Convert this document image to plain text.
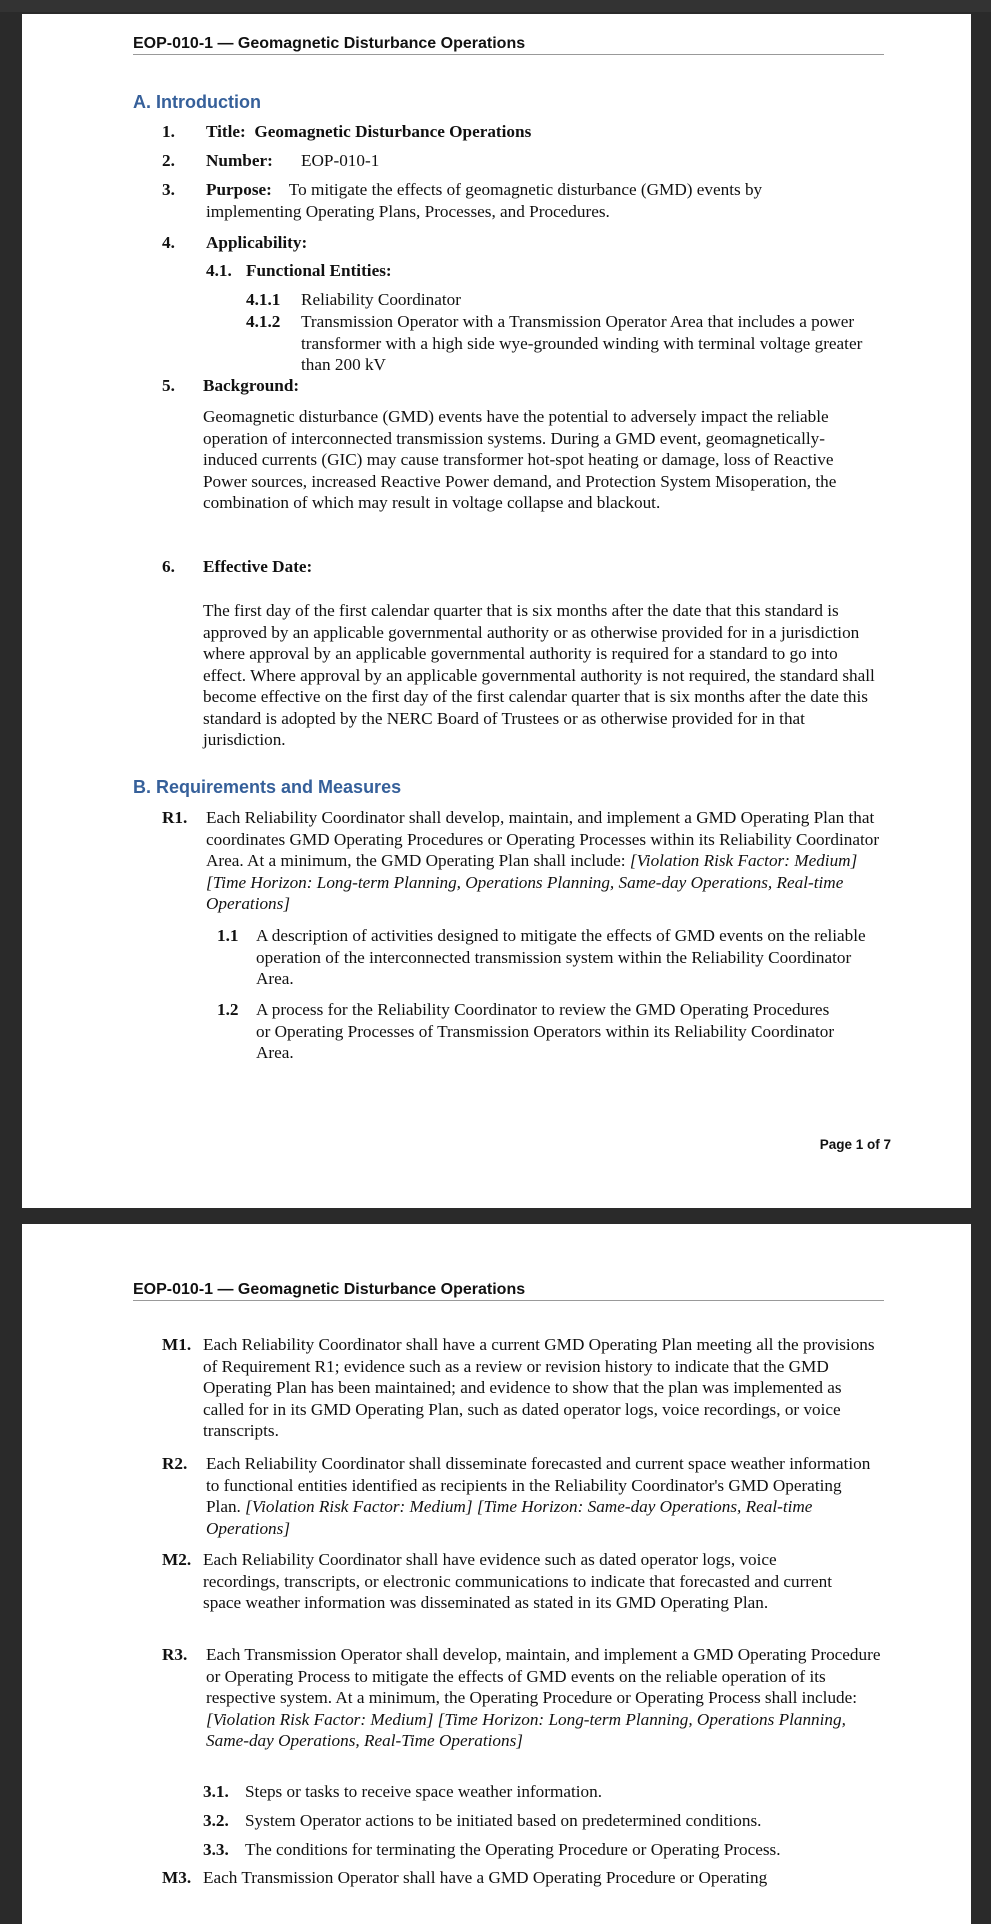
EOP-010-1 — Geomagnetic Disturbance Operations
A. Introduction
1. Title: Geomagnetic Disturbance Operations
2. Number: EOP-010-1
3. Purpose: To mitigate the effects of geomagnetic disturbance (GMD) events by implementing Operating Plans, Processes, and Procedures.
4. Applicability:
4.1. Functional Entities:
4.1.1 Reliability Coordinator
4.1.2 Transmission Operator with a Transmission Operator Area that includes a power transformer with a high side wye-grounded winding with terminal voltage greater than 200 kV
5. Background:
Geomagnetic disturbance (GMD) events have the potential to adversely impact the reliable operation of interconnected transmission systems. During a GMD event, geomagnetically-induced currents (GIC) may cause transformer hot-spot heating or damage, loss of Reactive Power sources, increased Reactive Power demand, and Protection System Misoperation, the combination of which may result in voltage collapse and blackout.
6. Effective Date:
The first day of the first calendar quarter that is six months after the date that this standard is approved by an applicable governmental authority or as otherwise provided for in a jurisdiction where approval by an applicable governmental authority is required for a standard to go into effect. Where approval by an applicable governmental authority is not required, the standard shall become effective on the first day of the first calendar quarter that is six months after the date this standard is adopted by the NERC Board of Trustees or as otherwise provided for in that jurisdiction.
B. Requirements and Measures
R1. Each Reliability Coordinator shall develop, maintain, and implement a GMD Operating Plan that coordinates GMD Operating Procedures or Operating Processes within its Reliability Coordinator Area. At a minimum, the GMD Operating Plan shall include: [Violation Risk Factor: Medium] [Time Horizon: Long-term Planning, Operations Planning, Same-day Operations, Real-time Operations]
1.1 A description of activities designed to mitigate the effects of GMD events on the reliable operation of the interconnected transmission system within the Reliability Coordinator Area.
1.2 A process for the Reliability Coordinator to review the GMD Operating Procedures or Operating Processes of Transmission Operators within its Reliability Coordinator Area.
Page 1 of 7
EOP-010-1 — Geomagnetic Disturbance Operations
M1. Each Reliability Coordinator shall have a current GMD Operating Plan meeting all the provisions of Requirement R1; evidence such as a review or revision history to indicate that the GMD Operating Plan has been maintained; and evidence to show that the plan was implemented as called for in its GMD Operating Plan, such as dated operator logs, voice recordings, or voice transcripts.
R2. Each Reliability Coordinator shall disseminate forecasted and current space weather information to functional entities identified as recipients in the Reliability Coordinator's GMD Operating Plan. [Violation Risk Factor: Medium] [Time Horizon: Same-day Operations, Real-time Operations]
M2. Each Reliability Coordinator shall have evidence such as dated operator logs, voice recordings, transcripts, or electronic communications to indicate that forecasted and current space weather information was disseminated as stated in its GMD Operating Plan.
R3. Each Transmission Operator shall develop, maintain, and implement a GMD Operating Procedure or Operating Process to mitigate the effects of GMD events on the reliable operation of its respective system. At a minimum, the Operating Procedure or Operating Process shall include: [Violation Risk Factor: Medium] [Time Horizon: Long-term Planning, Operations Planning, Same-day Operations, Real-Time Operations]
3.1. Steps or tasks to receive space weather information.
3.2. System Operator actions to be initiated based on predetermined conditions.
3.3. The conditions for terminating the Operating Procedure or Operating Process.
M3. Each Transmission Operator shall have a GMD Operating Procedure or Operating
